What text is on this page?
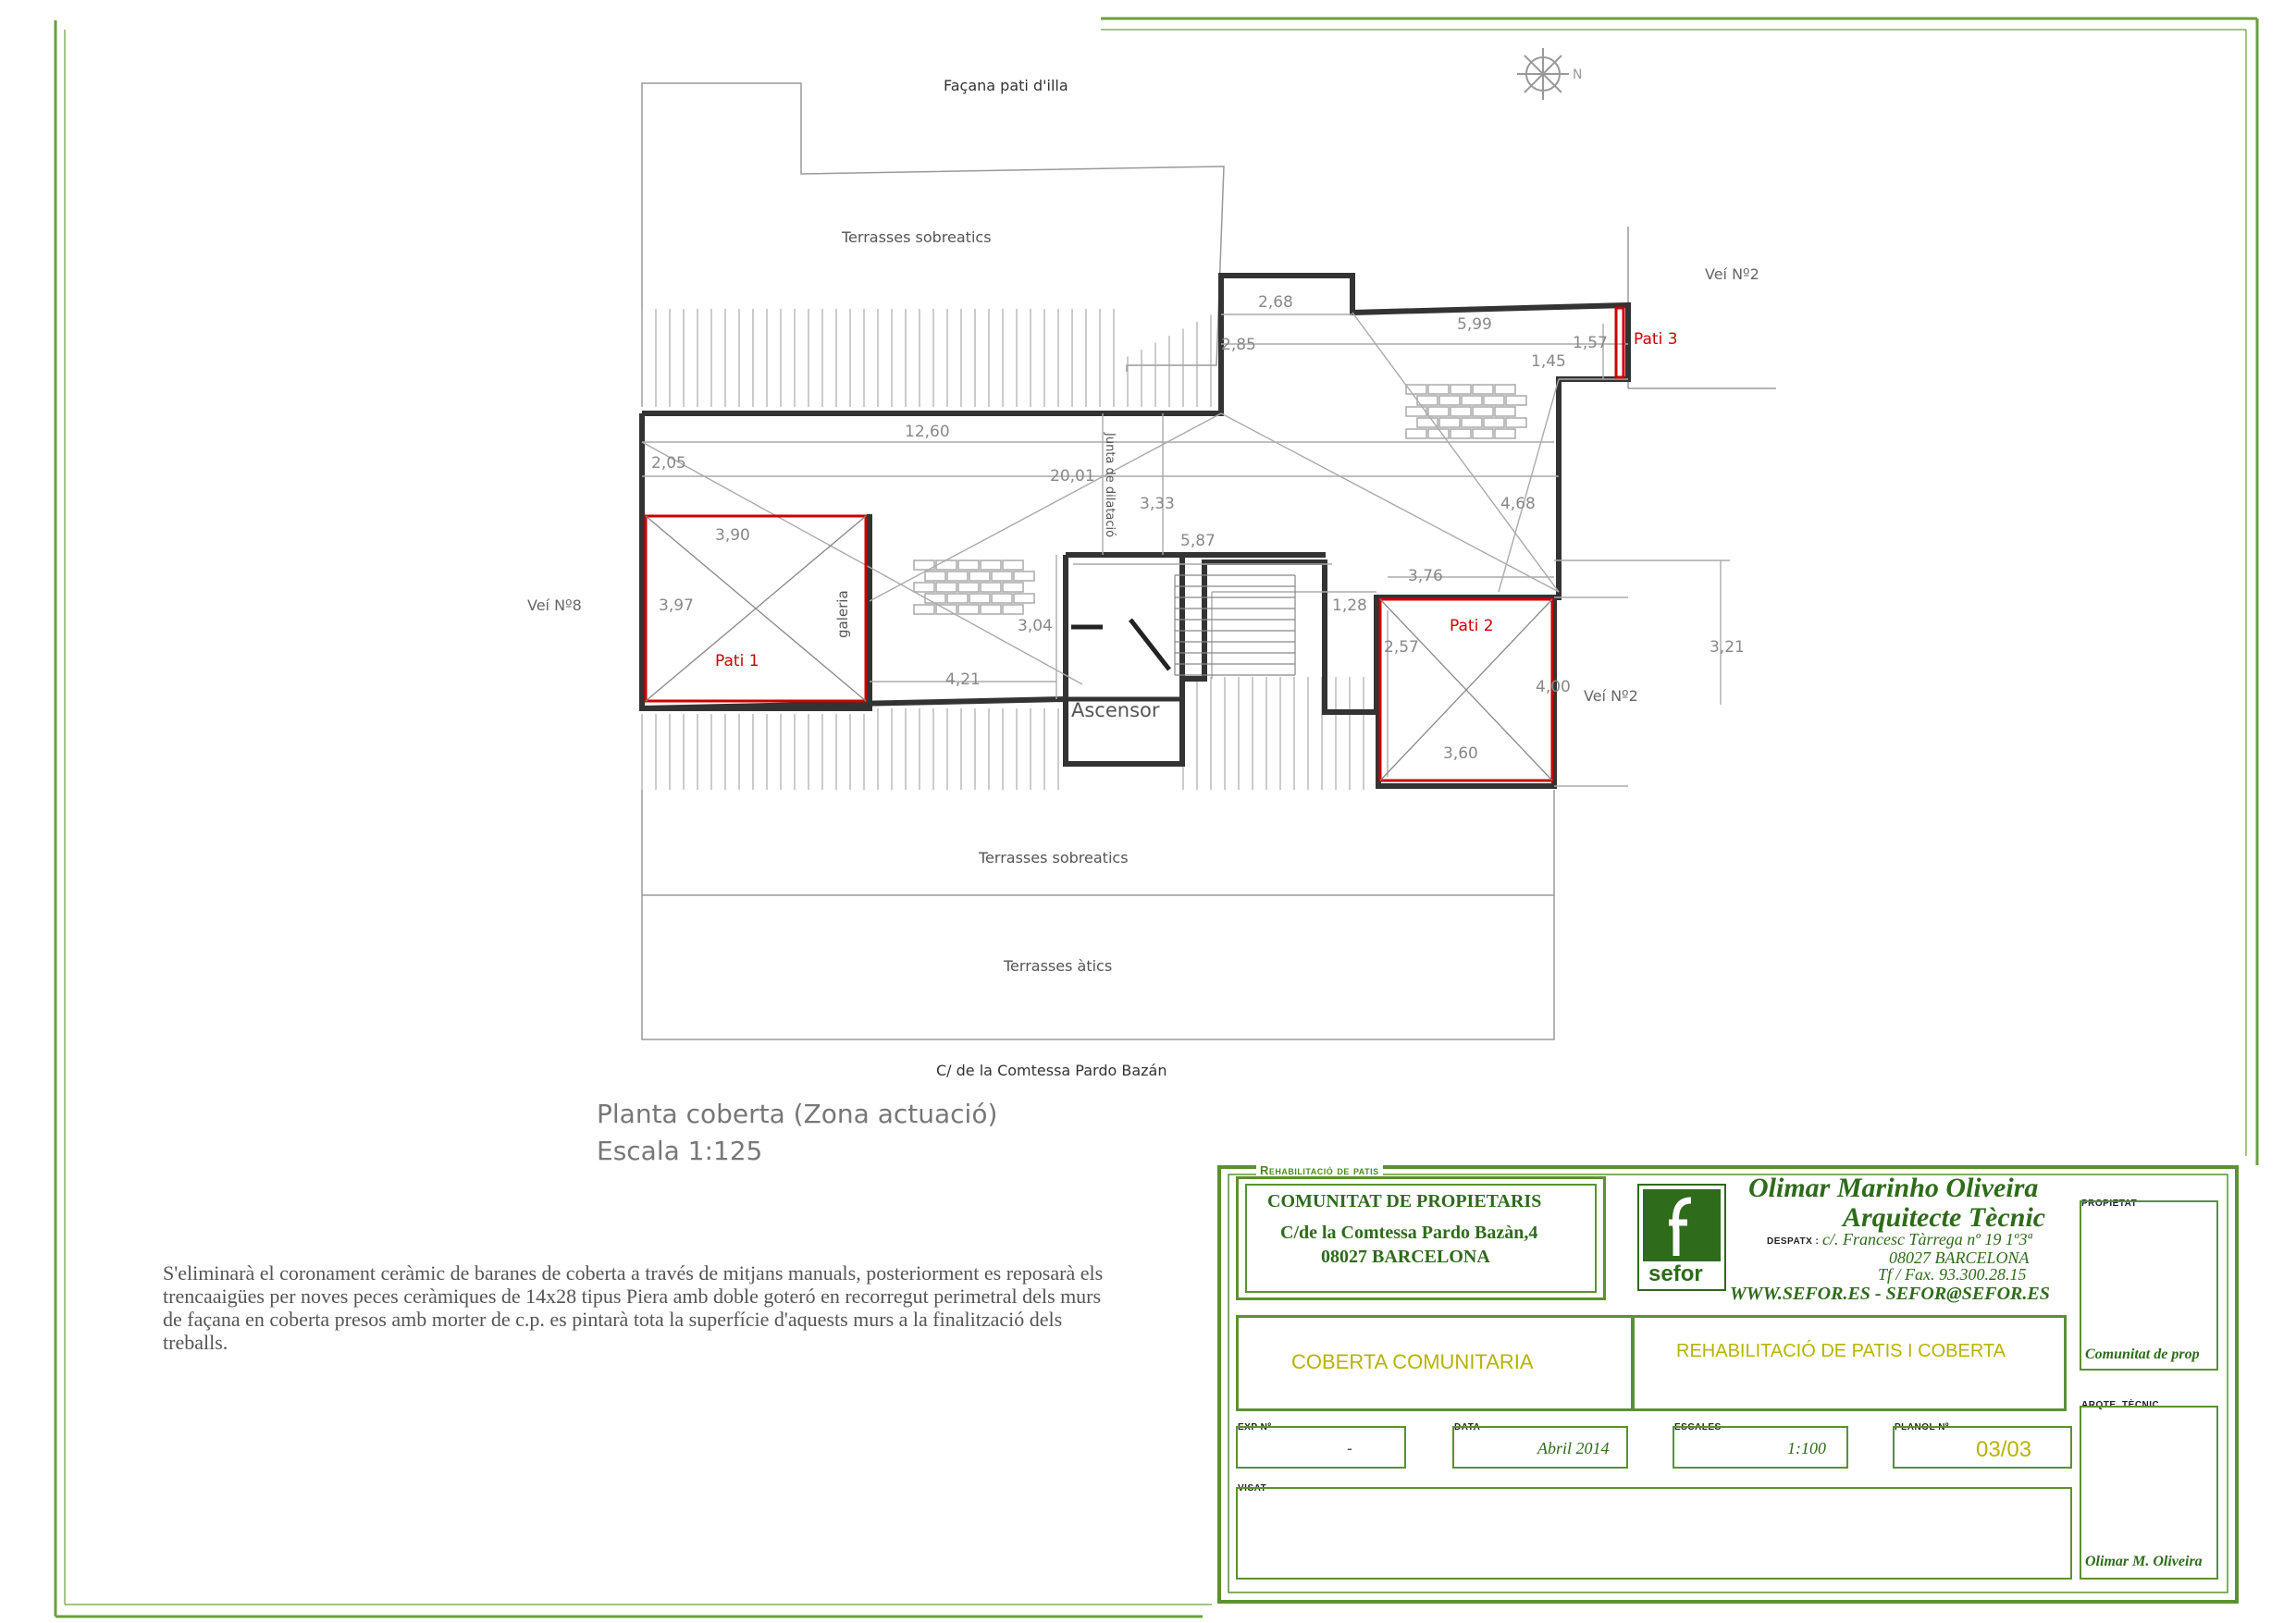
N
Façana pati d'illa
C/ de la Comtessa Pardo Bazán
Veí Nº8
Veí Nº2
Veí Nº2
Terrasses sobreatics
Terrasses sobreatics
Terrasses àtics
Pati 1
Pati 2
Pati 3
Ascensor
galeria
Junta de dilatació
2,68
5,99
2,85	1,57
1,45
12,60
20,01
2,05
3,33	4,68
3,90
3,97
5,87
3,76
1,28
3,04
2,57	3,21
4,21	4,00
3,60
Planta coberta (Zona actuació)
Escala 1:125
S'eliminarà el coronament ceràmic de baranes de coberta a través de mitjans manuals, posteriorment es reposarà els trencaaigües per noves peces ceràmiques de 14x28 tipus Piera amb doble goteró en recorregut perimetral dels murs de façana en coberta presos amb morter de c.p. es pintarà tota la superfície d'aquests murs a la finalització dels treballs.
Rehabilitació de patis
COMUNITAT DE PROPIETARIS
C/de la Comtessa Pardo Bazàn,4
08027 BARCELONA
sefor
Olimar Marinho Oliveira
Arquitecte Tècnic
DESPATX : c/. Francesc Tàrrega nº 19 1º3ª
08027 BARCELONA
Tf / Fax. 93.300.28.15
WWW.SEFOR.ES - SEFOR@SEFOR.ES
COBERTA COMUNITARIA	REHABILITACIÓ DE PATIS I COBERTA
PROPIETAT
Comunitat de prop
ARQTE. TÈCNIC
Olimar M. Oliveira
EXP Nº
-
DATA
Abril 2014
ESCALES
1:100
PLANOL Nº
03/03
VISAT
